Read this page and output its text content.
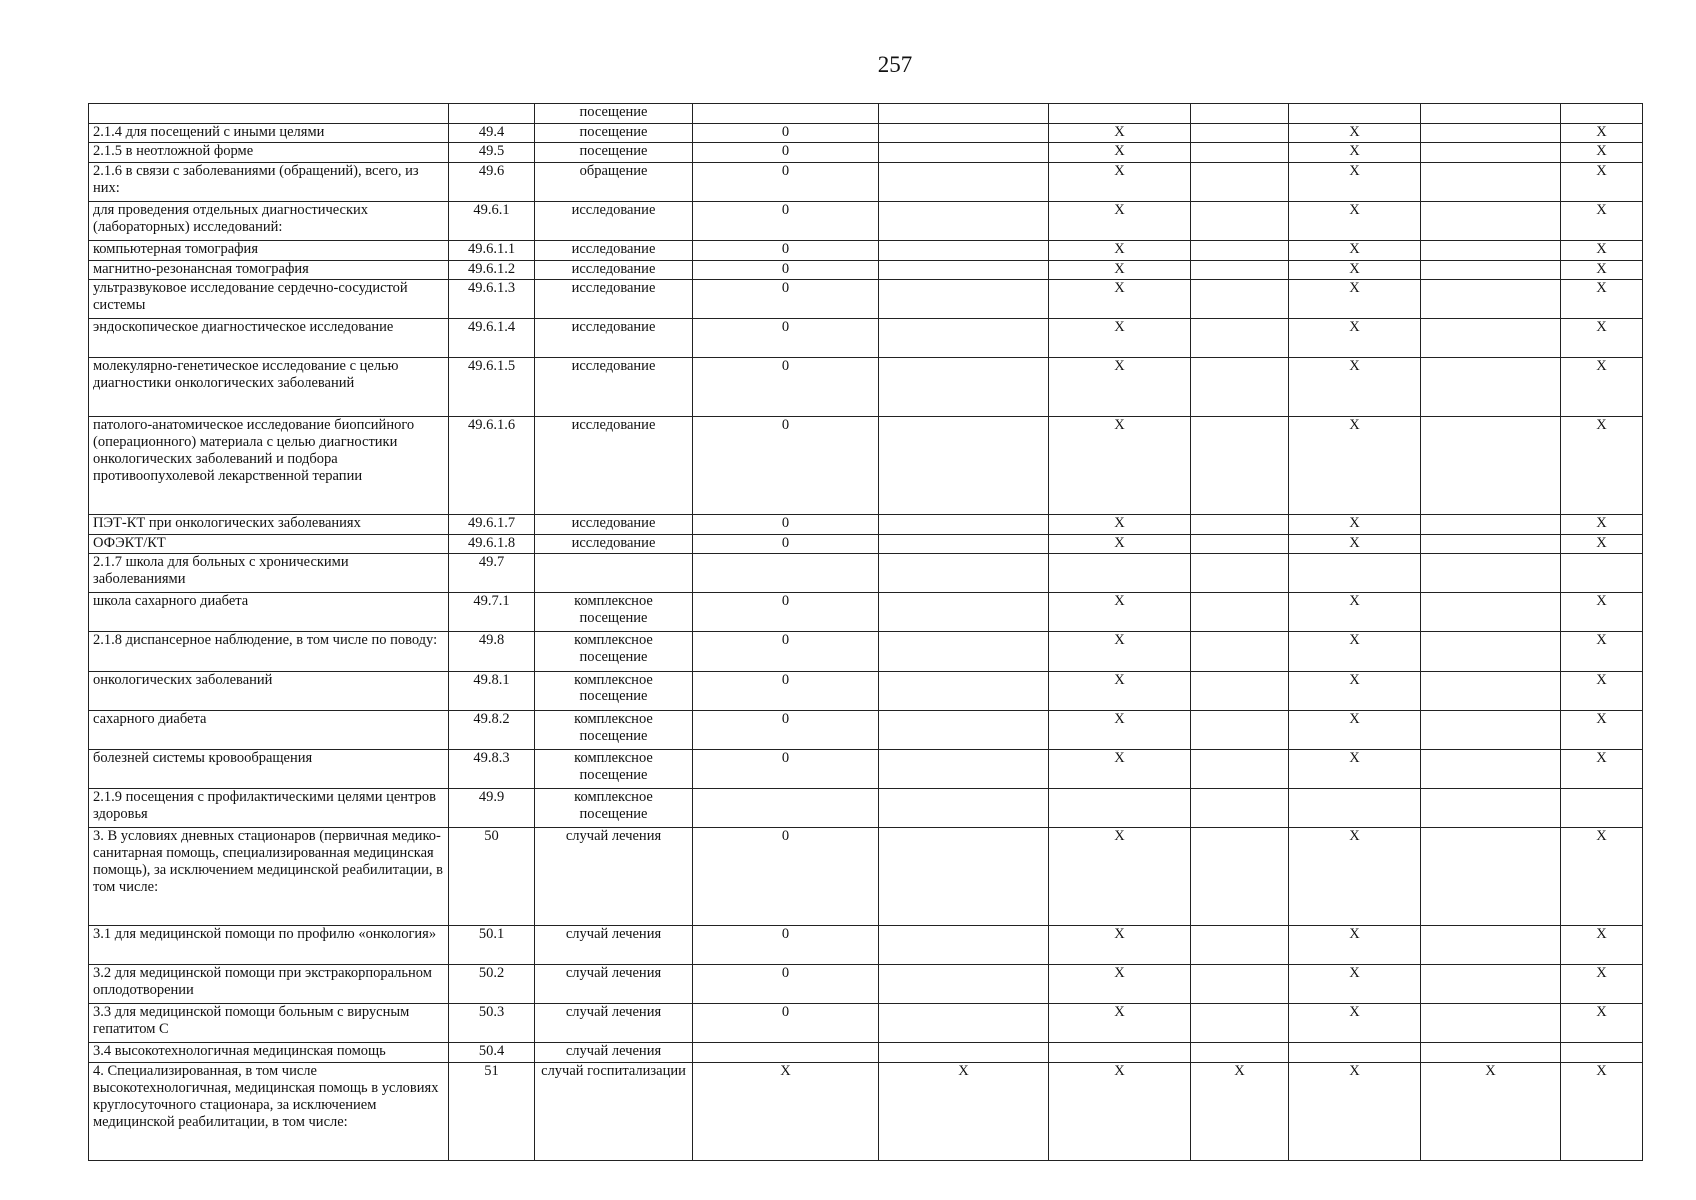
257
		посещение							
2.1.4 для посещений с иными целями	49.4	посещение	0		X		X		X
2.1.5 в неотложной форме	49.5	посещение	0		X		X		X
2.1.6 в связи с заболеваниями (обращений), всего, из них:	49.6	обращение	0		X		X		X
для проведения отдельных диагностических (лабораторных) исследований:	49.6.1	исследование	0		X		X		X
компьютерная томография	49.6.1.1	исследование	0		X		X		X
магнитно-резонансная томография	49.6.1.2	исследование	0		X		X		X
ультразвуковое исследование сердечно-сосудистой системы	49.6.1.3	исследование	0		X		X		X
эндоскопическое диагностическое исследование	49.6.1.4	исследование	0		X		X		X
молекулярно-генетическое исследование с целью диагностики онкологических заболеваний	49.6.1.5	исследование	0		X		X		X
патолого-анатомическое исследование биопсийного (операционного) материала с целью диагностики онкологических заболеваний и подбора противоопухолевой лекарственной терапии	49.6.1.6	исследование	0		X		X		X
ПЭТ-КТ при онкологических заболеваниях	49.6.1.7	исследование	0		X		X		X
ОФЭКТ/КТ	49.6.1.8	исследование	0		X		X		X
2.1.7 школа для больных с хроническими заболеваниями	49.7								
школа сахарного диабета	49.7.1	комплексное посещение	0		X		X		X
2.1.8 диспансерное наблюдение, в том числе по поводу:	49.8	комплексное посещение	0		X		X		X
онкологических заболеваний	49.8.1	комплексное посещение	0		X		X		X
сахарного диабета	49.8.2	комплексное посещение	0		X		X		X
болезней системы кровообращения	49.8.3	комплексное посещение	0		X		X		X
2.1.9 посещения с профилактическими целями центров здоровья	49.9	комплексное посещение							
3. В условиях дневных стационаров (первичная медико-санитарная помощь, специализированная медицинская помощь), за исключением медицинской реабилитации, в том числе:	50	случай лечения	0		X		X		X
3.1 для медицинской помощи по профилю «онкология»	50.1	случай лечения	0		X		X		X
3.2 для медицинской помощи при экстракорпоральном оплодотворении	50.2	случай лечения	0		X		X		X
3.3 для медицинской помощи больным с вирусным гепатитом С	50.3	случай лечения	0		X		X		X
3.4 высокотехнологичная медицинская помощь	50.4	случай лечения							
4. Специализированная, в том числе высокотехнологичная, медицинская помощь в условиях круглосуточного стационара, за исключением медицинской реабилитации, в том числе:	51	случай госпитализации	X	X	X	X	X	X	X
